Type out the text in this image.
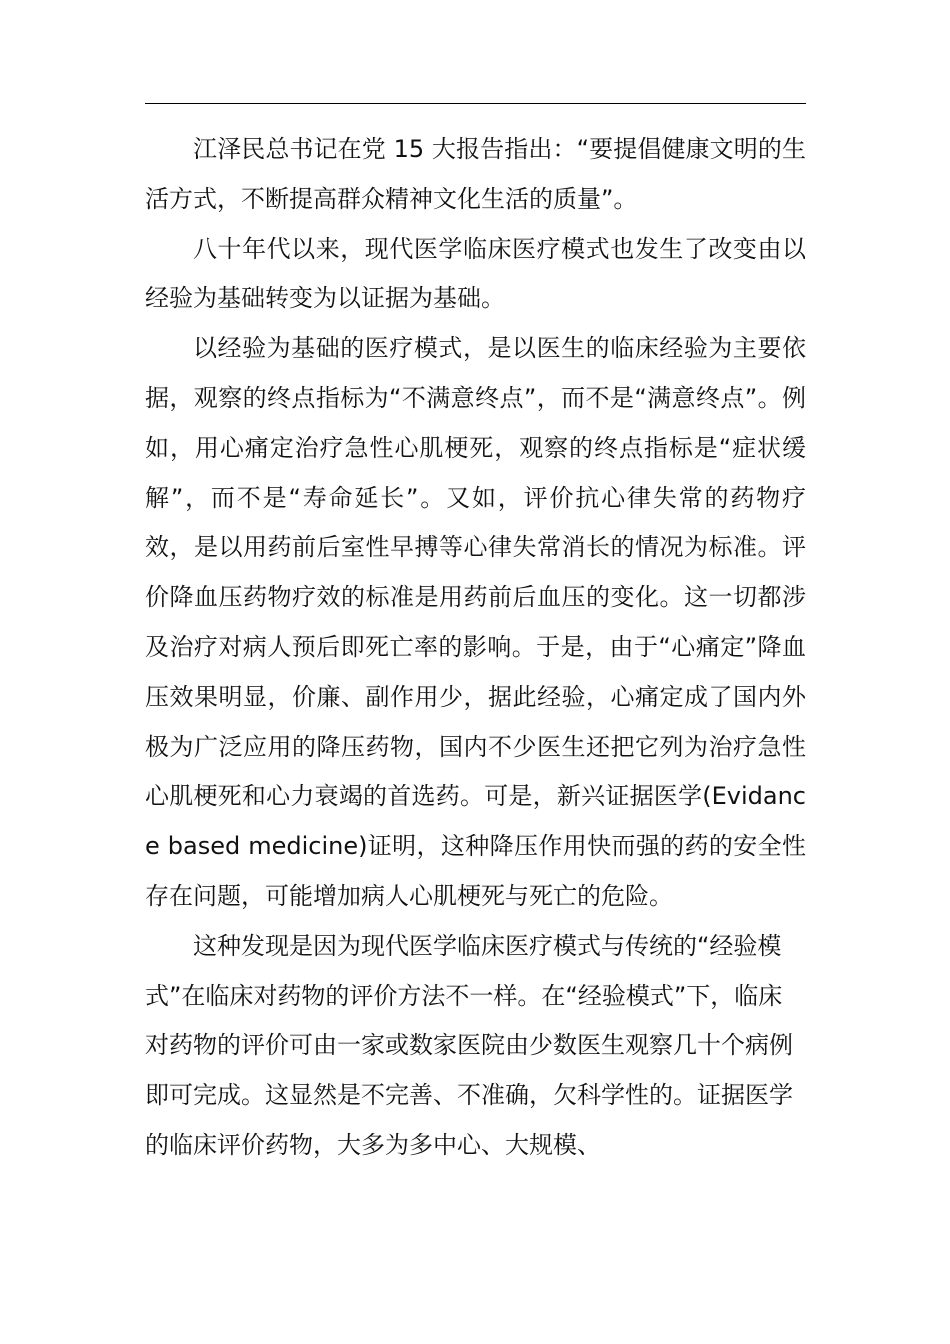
江泽民总书记在党 15 大报告指出：“要提倡健康文明的生活方式，不断提高群众精神文化生活的质量”。

八十年代以来，现代医学临床医疗模式也发生了改变由以经验为基础转变为以证据为基础。

以经验为基础的医疗模式，是以医生的临床经验为主要依据，观察的终点指标为“不满意终点”，而不是“满意终点”。例如，用心痛定治疗急性心肌梗死，观察的终点指标是“症状缓解”，而不是“寿命延长”。又如，评价抗心律失常的药物疗效，是以用药前后室性早搏等心律失常消长的情况为标准。评价降血压药物疗效的标准是用药前后血压的变化。这一切都涉及治疗对病人预后即死亡率的影响。于是，由于“心痛定”降血压效果明显，价廉、副作用少，据此经验，心痛定成了国内外极为广泛应用的降压药物，国内不少医生还把它列为治疗急性心肌梗死和心力衰竭的首选药。可是，新兴证据医学(Evidance based medicine)证明，这种降压作用快而强的药的安全性存在问题，可能增加病人心肌梗死与死亡的危险。

这种发现是因为现代医学临床医疗模式与传统的“经验模式”在临床对药物的评价方法不一样。在“经验模式”下，临床对药物的评价可由一家或数家医院由少数医生观察几十个病例即可完成。这显然是不完善、不准确，欠科学性的。证据医学的临床评价药物，大多为多中心、大规模、
